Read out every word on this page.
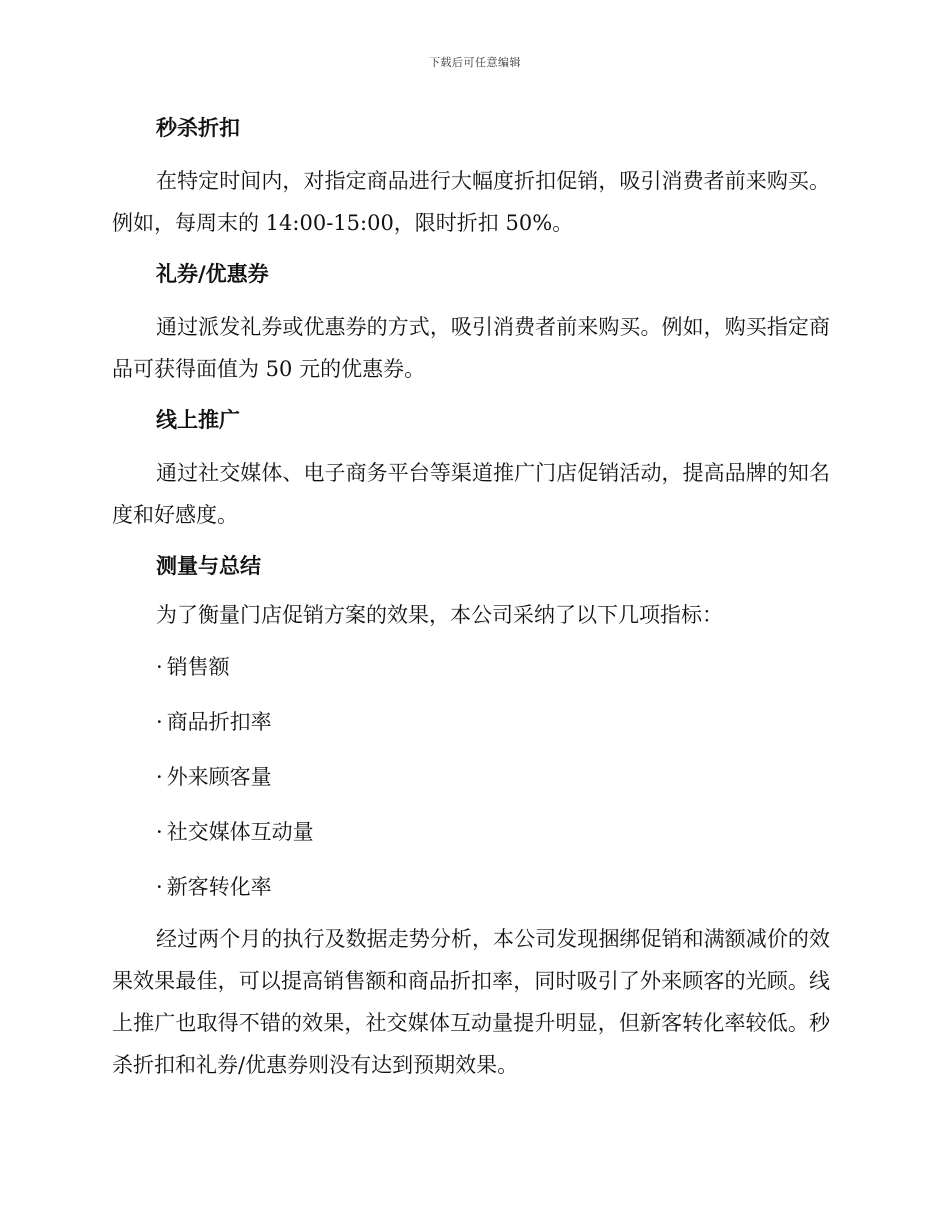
下载后可任意编辑
秒杀折扣

在特定时间内，对指定商品进行大幅度折扣促销，吸引消费者前来购买。例如，每周末的 14:00-15:00，限时折扣 50%。

礼券/优惠券

通过派发礼券或优惠券的方式，吸引消费者前来购买。例如，购买指定商品可获得面值为 50 元的优惠券。

线上推广

通过社交媒体、电子商务平台等渠道推广门店促销活动，提高品牌的知名度和好感度。

测量与总结

为了衡量门店促销方案的效果，本公司采纳了以下几项指标：

· 销售额
· 商品折扣率
· 外来顾客量
· 社交媒体互动量
· 新客转化率

经过两个月的执行及数据走势分析，本公司发现捆绑促销和满额减价的效果效果最佳，可以提高销售额和商品折扣率，同时吸引了外来顾客的光顾。线上推广也取得不错的效果，社交媒体互动量提升明显，但新客转化率较低。秒杀折扣和礼券/优惠券则没有达到预期效果。
